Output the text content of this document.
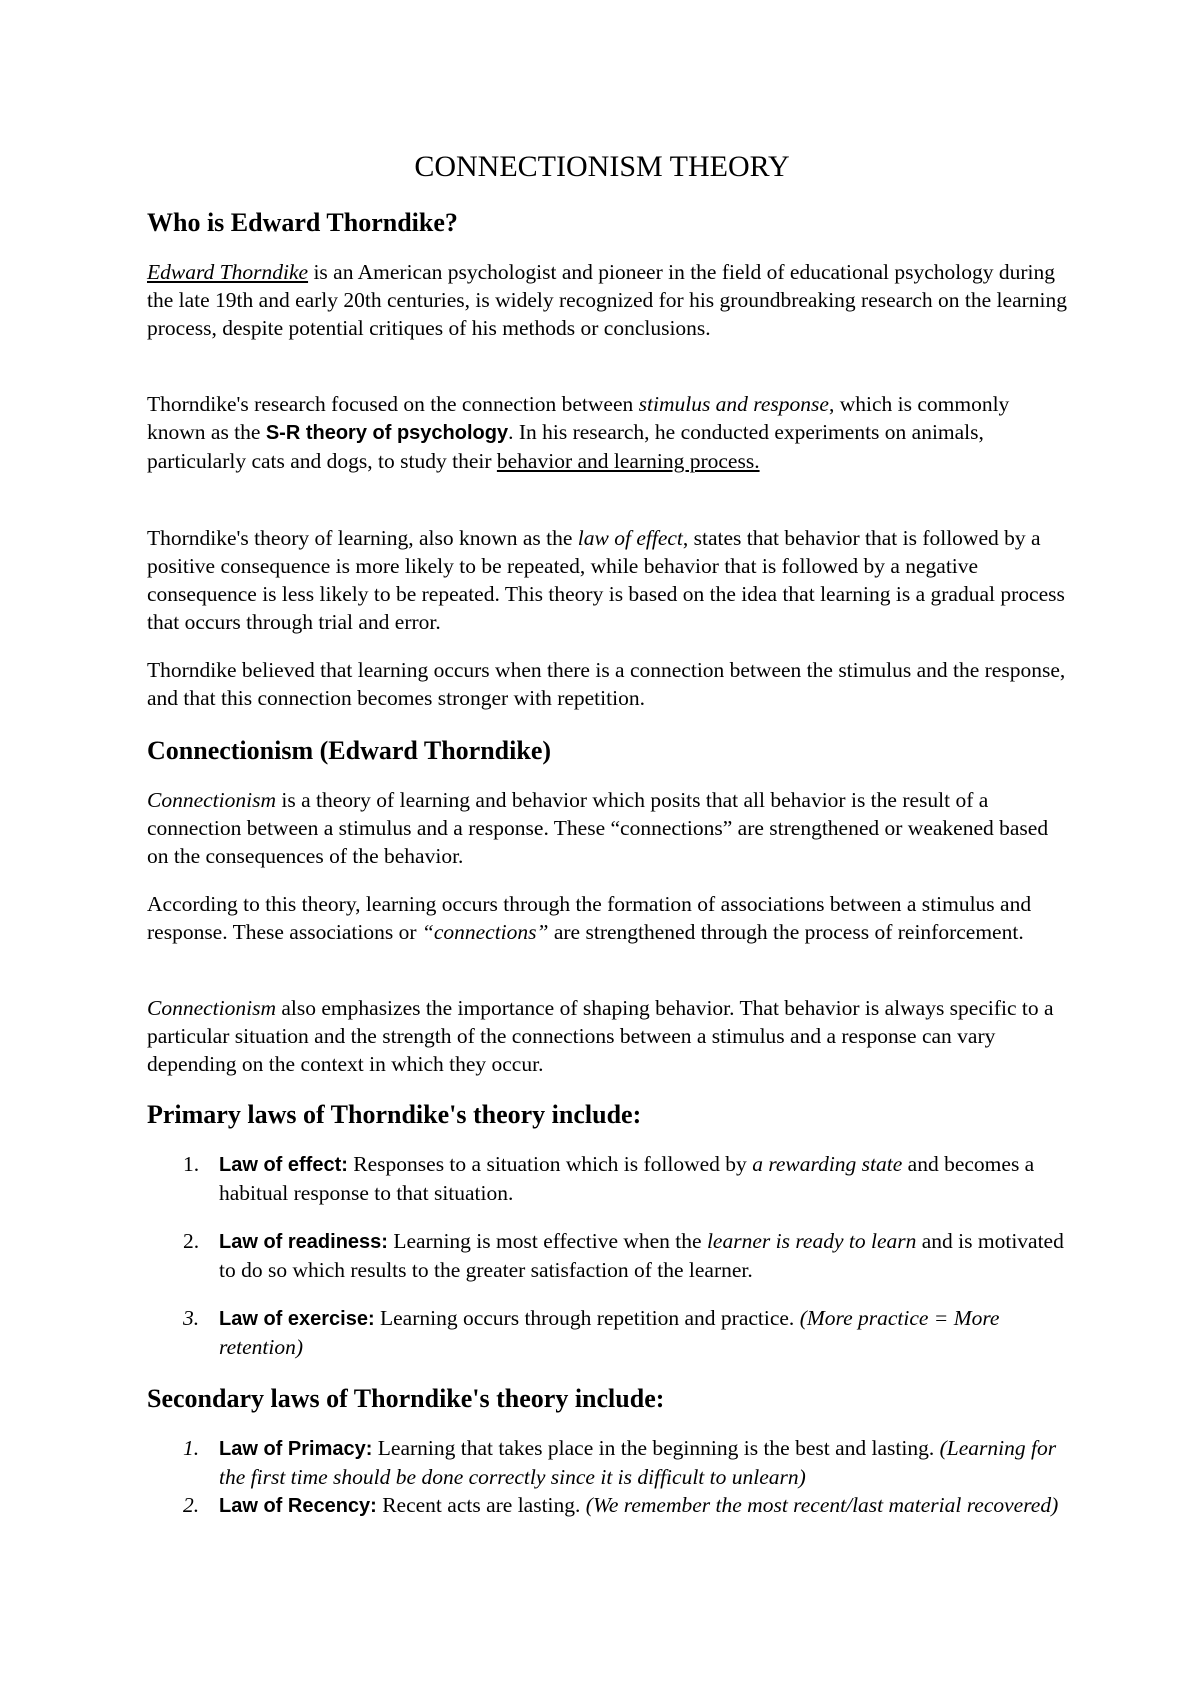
CONNECTIONISM THEORY
Who is Edward Thorndike?

Edward Thorndike is an American psychologist and pioneer in the field of educational psychology during the late 19th and early 20th centuries, is widely recognized for his groundbreaking research on the learning process, despite potential critiques of his methods or conclusions.

Thorndike's research focused on the connection between stimulus and response, which is commonly known as the S-R theory of psychology. In his research, he conducted experiments on animals, particularly cats and dogs, to study their behavior and learning process.

Thorndike's theory of learning, also known as the law of effect, states that behavior that is followed by a positive consequence is more likely to be repeated, while behavior that is followed by a negative consequence is less likely to be repeated. This theory is based on the idea that learning is a gradual process that occurs through trial and error.

Thorndike believed that learning occurs when there is a connection between the stimulus and the response, and that this connection becomes stronger with repetition.

Connectionism (Edward Thorndike)

Connectionism is a theory of learning and behavior which posits that all behavior is the result of a connection between a stimulus and a response. These “connections” are strengthened or weakened based on the consequences of the behavior.

According to this theory, learning occurs through the formation of associations between a stimulus and response. These associations or “connections” are strengthened through the process of reinforcement.

Connectionism also emphasizes the importance of shaping behavior. That behavior is always specific to a particular situation and the strength of the connections between a stimulus and a response can vary depending on the context in which they occur.

Primary laws of Thorndike's theory include:
1. Law of effect: Responses to a situation which is followed by a rewarding state and becomes a habitual response to that situation.
2. Law of readiness: Learning is most effective when the learner is ready to learn and is motivated to do so which results to the greater satisfaction of the learner.
3. Law of exercise: Learning occurs through repetition and practice. (More practice = More retention)
Secondary laws of Thorndike's theory include:
1. Law of Primacy: Learning that takes place in the beginning is the best and lasting. (Learning for the first time should be done correctly since it is difficult to unlearn)
2. Law of Recency: Recent acts are lasting. (We remember the most recent/last material recovered)
